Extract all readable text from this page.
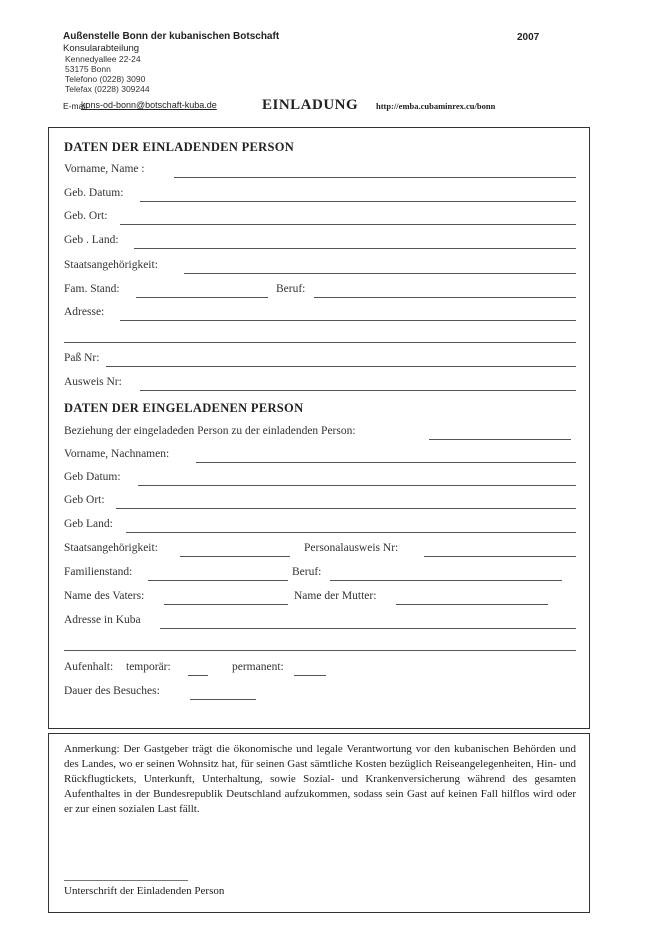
Außenstelle Bonn der kubanischen Botschaft
Konsularabteilung
Kennedyallee 22-24
53175 Bonn
Telefono (0228) 3090
Telefax (0228) 309244
2007
E-mail
kons-od-bonn@botschaft-kuba.de	EINLADUNG http://emba.cubaminrex.cu/bonn
DATEN DER EINLADENDEN PERSON
Vorname, Name :
Geb. Datum:
Geb. Ort:
Geb . Land:
Staatsangehörigkeit:
Fam. Stand:	Beruf:
Adresse:
Paß Nr:
Ausweis Nr:
DATEN DER EINGELADENEN PERSON
Beziehung der eingeladeden Person zu der einladenden Person:
Vorname, Nachnamen:
Geb Datum:
Geb Ort:
Geb Land:
Staatsangehörigkeit:	Personalausweis Nr:
Familienstand:	Beruf:
Name des Vaters:	Name der Mutter:
Adresse in Kuba
Aufenhalt: temporär:	permanent:
Dauer des Besuches:
Anmerkung: Der Gastgeber trägt die ökonomische und legale Verantwortung vor den kubanischen Behörden und des Landes, wo er seinen Wohnsitz hat, für seinen Gast sämtliche Kosten bezüglich Reiseangelegenheiten, Hin- und Rückflugtickets, Unterkunft, Unterhaltung, sowie Sozial- und Krankenversicherung während des gesamten Aufenthaltes in der Bundesrepublik Deutschland aufzukommen, sodass sein Gast auf keinen Fall hilflos wird oder er zur einen sozialen Last fällt.
Unterschrift der Einladenden Person
